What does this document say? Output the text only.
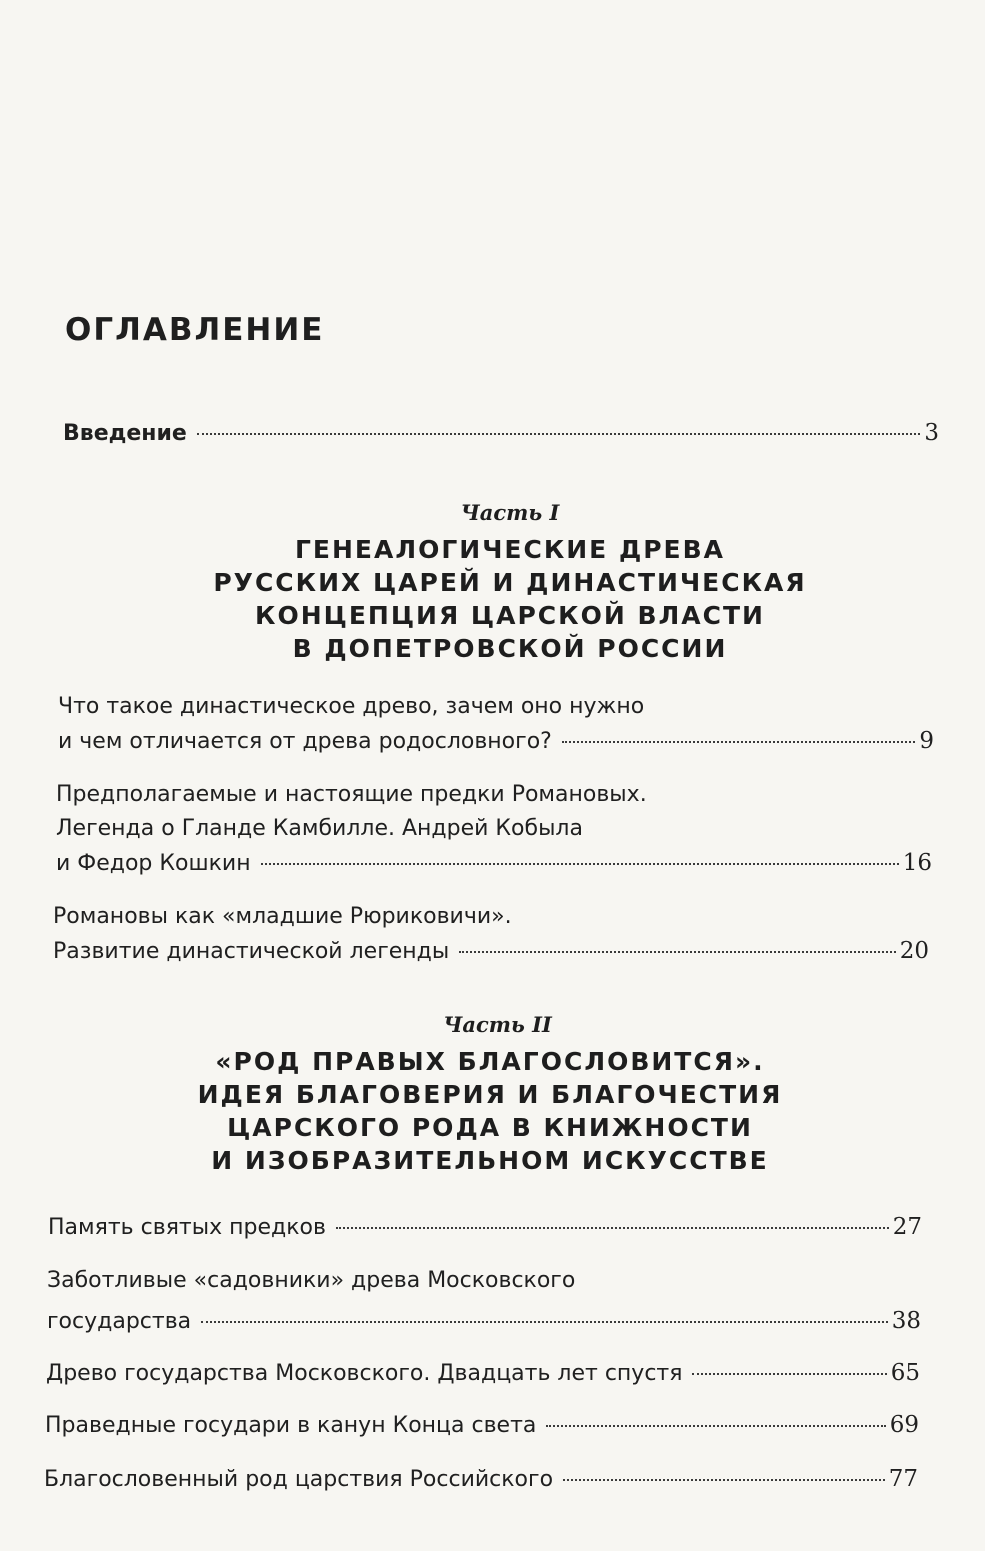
ОГЛАВЛЕНИЕ
Введение	3
Часть I
ГЕНЕАЛОГИЧЕСКИЕ ДРЕВА
РУССКИХ ЦАРЕЙ И ДИНАСТИЧЕСКАЯ
КОНЦЕПЦИЯ ЦАРСКОЙ ВЛАСТИ
В ДОПЕТРОВСКОЙ РОССИИ
Что такое династическое древо, зачем оно нужно
и чем отличается от древа родословного?	9
Предполагаемые и настоящие предки Романовых.
Легенда о Гланде Камбилле. Андрей Кобыла
и Федор Кошкин	16
Романовы как «младшие Рюриковичи».
Развитие династической легенды	20
Часть II
«РОД ПРАВЫХ БЛАГОСЛОВИТСЯ».
ИДЕЯ БЛАГОВЕРИЯ И БЛАГОЧЕСТИЯ
ЦАРСКОГО РОДА В КНИЖНОСТИ
И ИЗОБРАЗИТЕЛЬНОМ ИСКУССТВЕ
Память святых предков	27
Заботливые «садовники» древа Московского
государства	38
Древо государства Московского. Двадцать лет спустя	65
Праведные государи в канун Конца света	69
Благословенный род царствия Российского	77
